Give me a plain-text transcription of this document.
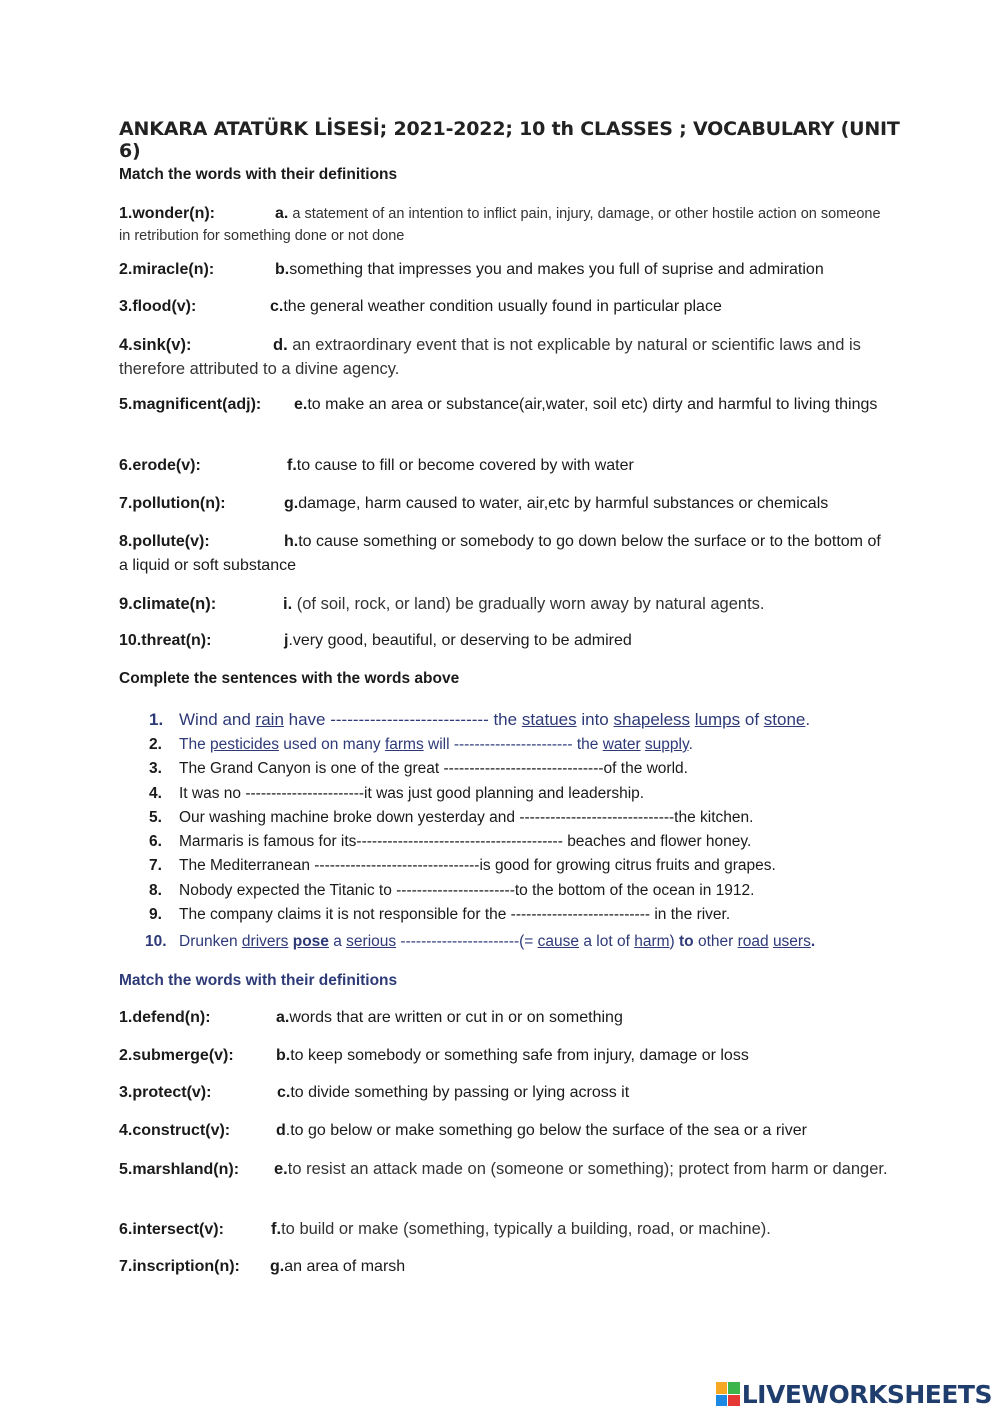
ANKARA ATATÜRK LİSESİ; 2021-2022; 10 th CLASSES ; VOCABULARY (UNIT 6)
Match the words with their definitions
1.wonder(n):	a. a statement of an intention to inflict pain, injury, damage, or other hostile action on someone in retribution for something done or not done
2.miracle(n):	b.something that impresses you and makes you full of suprise and admiration
3.flood(v):	c.the general weather condition usually found in particular place
4.sink(v):	d. an extraordinary event that is not explicable by natural or scientific laws and is therefore attributed to a divine agency.
5.magnificent(adj): e.to make an area or substance(air,water, soil etc) dirty and harmful to living things
6.erode(v):	f.to cause to fill or become covered by with water
7.pollution(n):	g.damage, harm caused to water, air,etc by harmful substances or chemicals
8.pollute(v):	h.to cause something or somebody to go down below the surface or to the bottom of a liquid or soft substance
9.climate(n):	i. (of soil, rock, or land) be gradually worn away by natural agents.
10.threat(n):	j.very good, beautiful, or deserving to be admired
Complete the sentences with the words above
1. Wind and rain have ---------------------------- the statues into shapeless lumps of stone.
2. The pesticides used on many farms will ----------------------- the water supply.
3. The Grand Canyon is one of the great -------------------------------of the world.
4. It was no -----------------------it was just good planning and leadership.
5. Our washing machine broke down yesterday and ------------------------------the kitchen.
6. Marmaris is famous for its---------------------------------------- beaches and flower honey.
7. The Mediterranean --------------------------------is good for growing citrus fruits and grapes.
8. Nobody expected the Titanic to -----------------------to the bottom of the ocean in 1912.
9. The company claims it is not responsible for the --------------------------- in the river.
10. Drunken drivers pose a serious -----------------------(= cause a lot of harm) to other road users.
Match the words with their definitions
1.defend(n):	a.words that are written or cut in or on something
2.submerge(v):	b.to keep somebody or something safe from injury, damage or loss
3.protect(v):	c.to divide something by passing or lying across it
4.construct(v):	d.to go below or make something go below the surface of the sea or a river
5.marshland(n): e.to resist an attack made on (someone or something); protect from harm or danger.
6.intersect(v):	f.to build or make (something, typically a building, road, or machine).
7.inscription(n): g.an area of marsh
LIVEWORKSHEETS
